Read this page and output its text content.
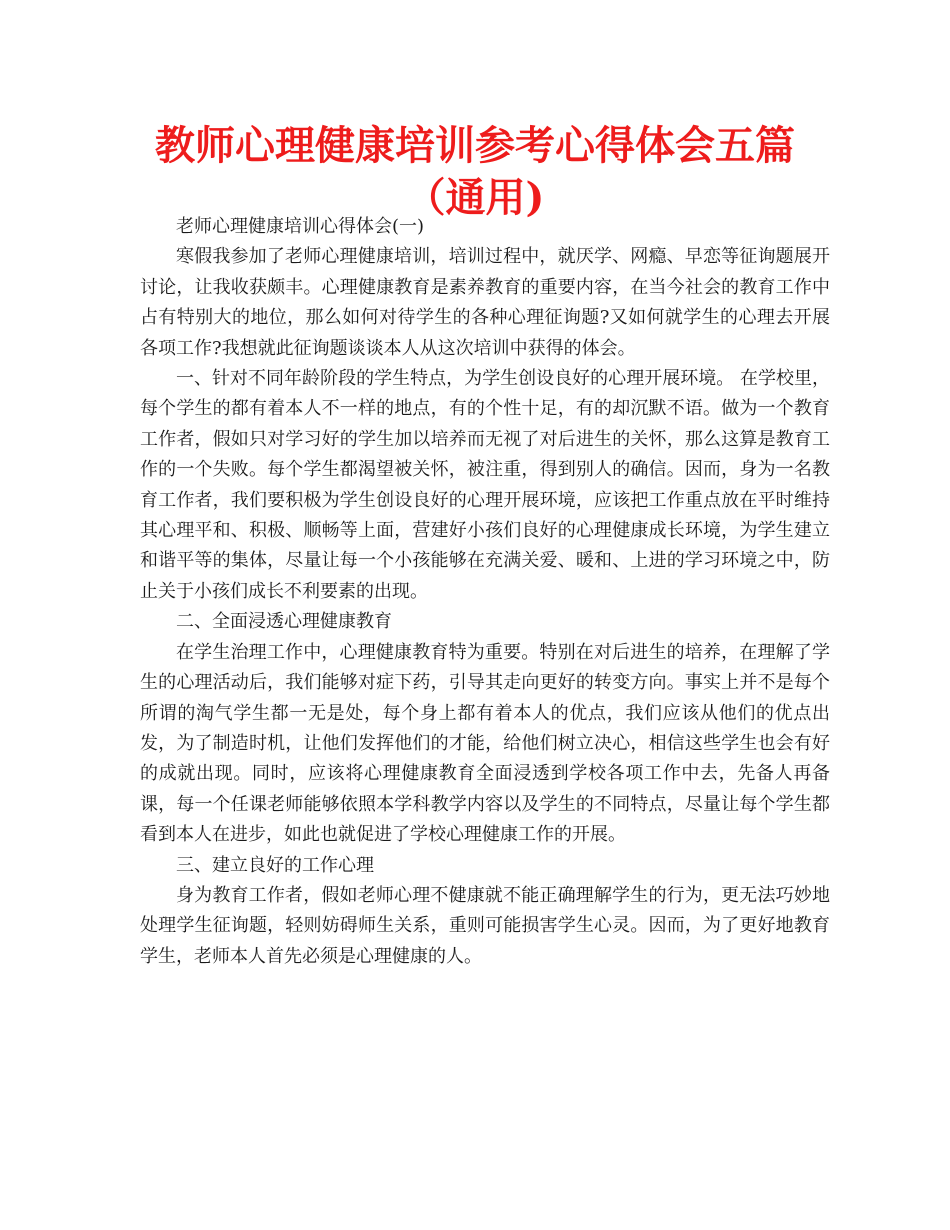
教师心理健康培训参考心得体会五篇（通用)

老师心理健康培训心得体会(一)

寒假我参加了老师心理健康培训，培训过程中，就厌学、网瘾、早恋等征询题展开讨论，让我收获颇丰。心理健康教育是素养教育的重要内容，在当今社会的教育工作中占有特别大的地位，那么如何对待学生的各种心理征询题?又如何就学生的心理去开展各项工作?我想就此征询题谈谈本人从这次培训中获得的体会。

一、针对不同年龄阶段的学生特点，为学生创设良好的心理开展环境。 在学校里，每个学生的都有着本人不一样的地点，有的个性十足，有的却沉默不语。做为一个教育工作者，假如只对学习好的学生加以培养而无视了对后进生的关怀，那么这算是教育工作的一个失败。每个学生都渴望被关怀，被注重，得到别人的确信。因而，身为一名教育工作者，我们要积极为学生创设良好的心理开展环境，应该把工作重点放在平时维持其心理平和、积极、顺畅等上面，营建好小孩们良好的心理健康成长环境，为学生建立和谐平等的集体，尽量让每一个小孩能够在充满关爱、暖和、上进的学习环境之中，防止关于小孩们成长不利要素的出现。

二、全面浸透心理健康教育

在学生治理工作中，心理健康教育特为重要。特别在对后进生的培养，在理解了学生的心理活动后，我们能够对症下药，引导其走向更好的转变方向。事实上并不是每个所谓的淘气学生都一无是处，每个身上都有着本人的优点，我们应该从他们的优点出发，为了制造时机，让他们发挥他们的才能，给他们树立决心，相信这些学生也会有好的成就出现。同时，应该将心理健康教育全面浸透到学校各项工作中去，先备人再备课，每一个任课老师能够依照本学科教学内容以及学生的不同特点，尽量让每个学生都看到本人在进步，如此也就促进了学校心理健康工作的开展。

三、建立良好的工作心理

身为教育工作者，假如老师心理不健康就不能正确理解学生的行为，更无法巧妙地处理学生征询题，轻则妨碍师生关系，重则可能损害学生心灵。因而，为了更好地教育学生，老师本人首先必须是心理健康的人。
